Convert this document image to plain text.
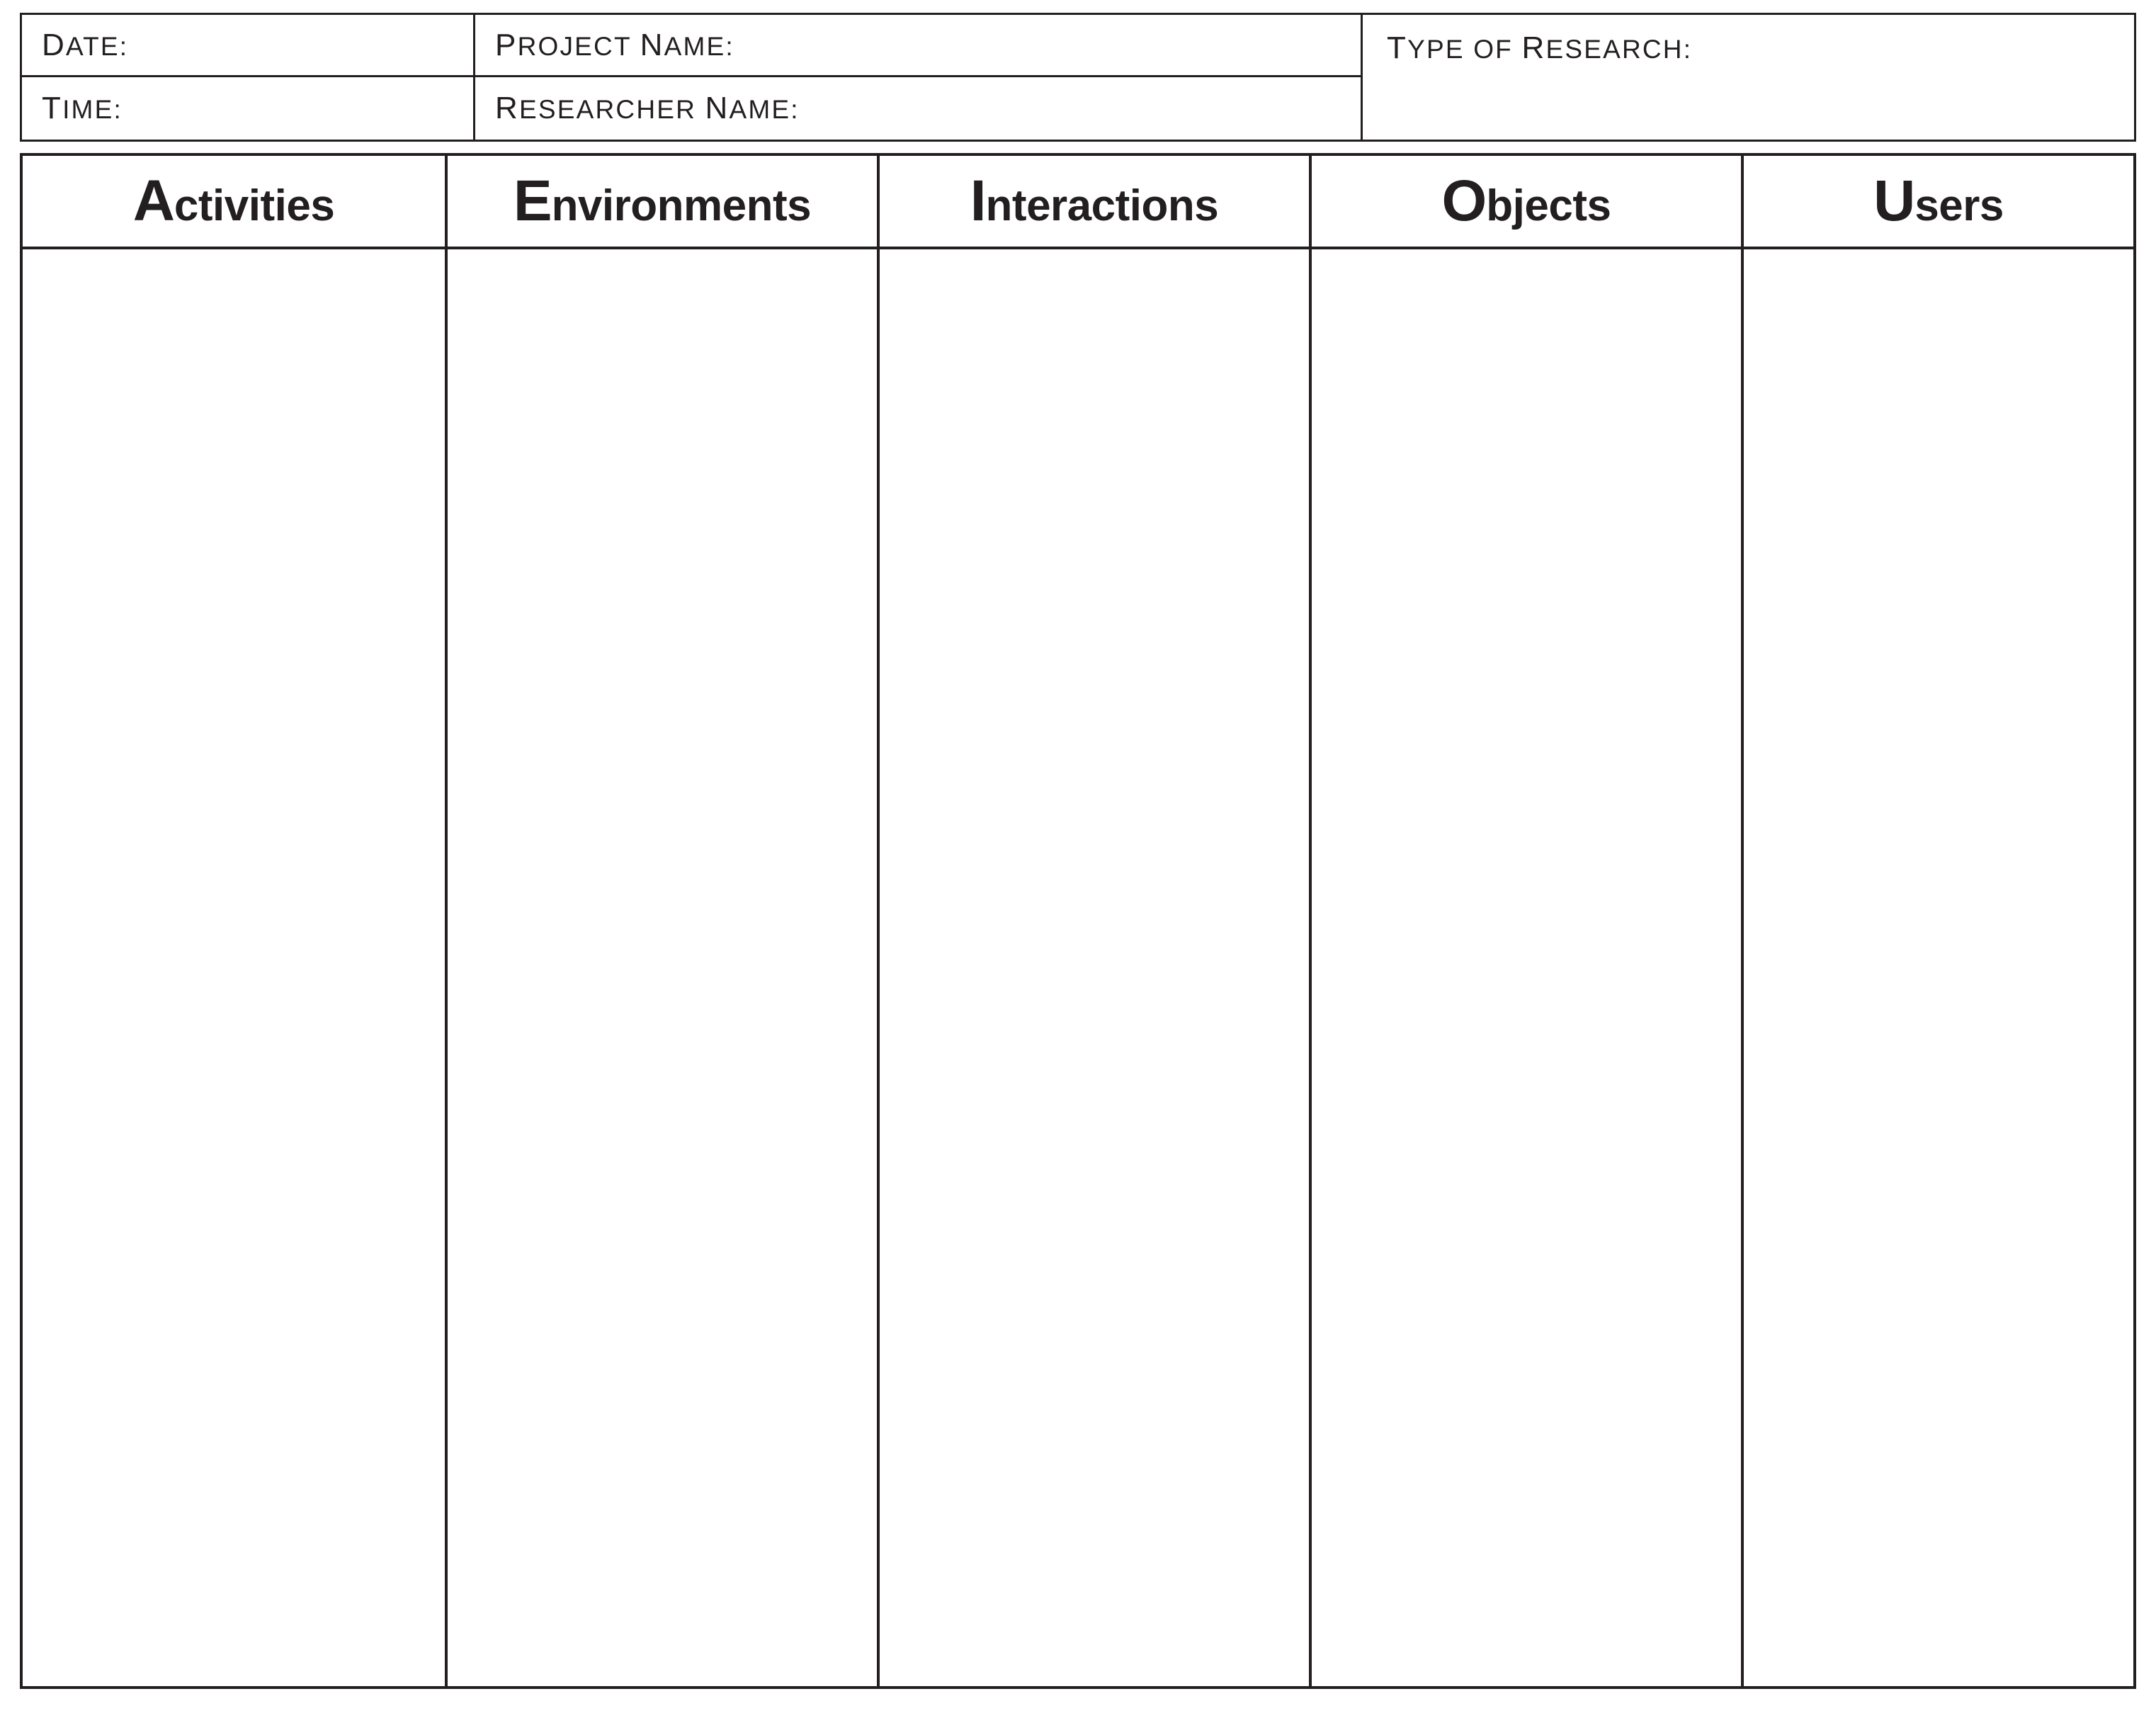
DATE:	PROJECT NAME:
TIME:	RESEARCHER NAME:
TYPE OF RESEARCH:
Activities	Environments	Interactions	Objects	Users
